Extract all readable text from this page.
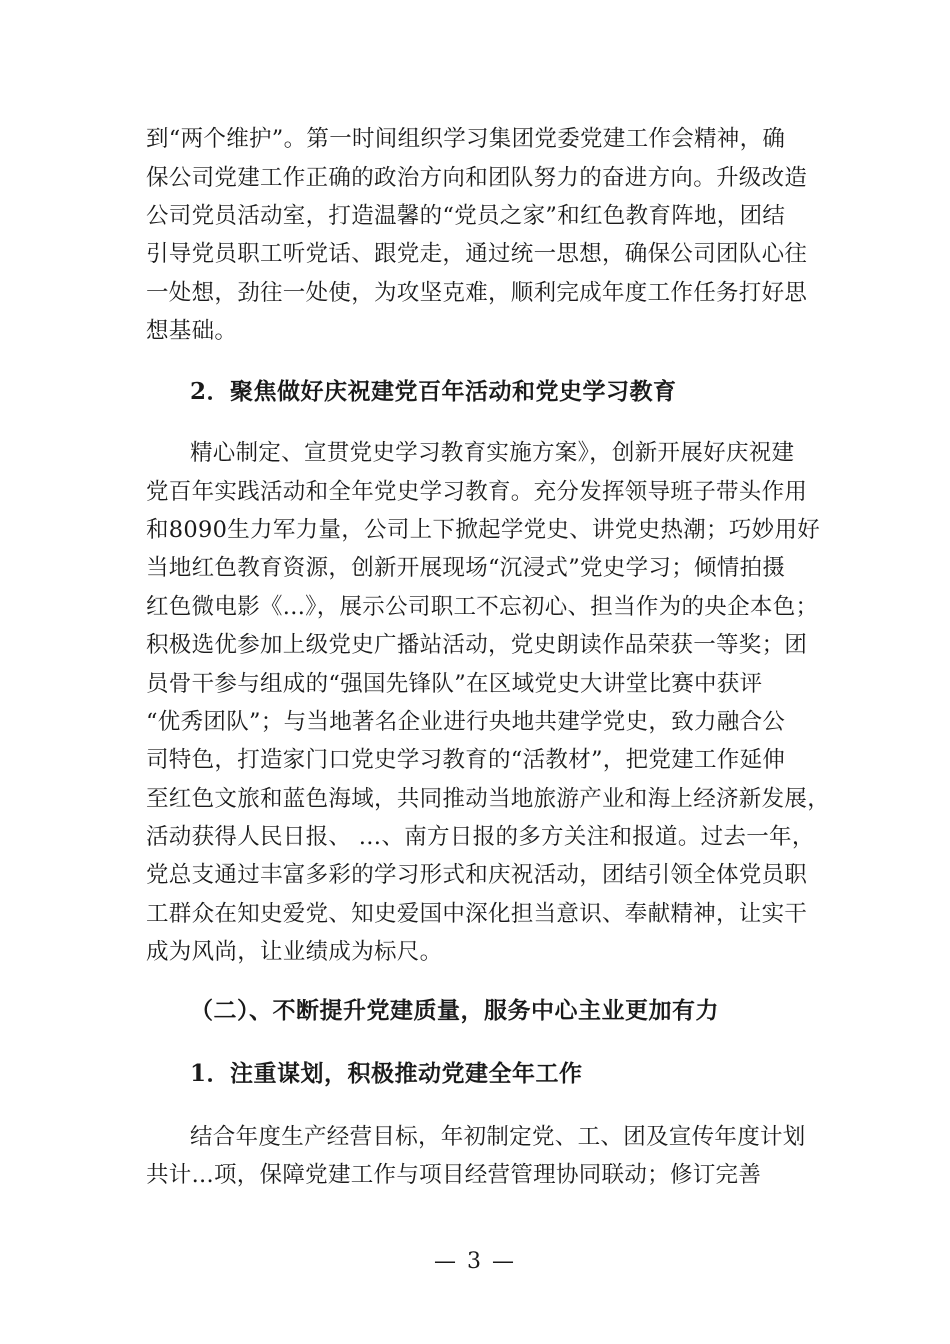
到“两个维护”。第一时间组织学习集团党委党建工作会精神，确
保公司党建工作正确的政治方向和团队努力的奋进方向。升级改造
公司党员活动室，打造温馨的“党员之家”和红色教育阵地，团结
引导党员职工听党话、跟党走，通过统一思想，确保公司团队心往
一处想，劲往一处使，为攻坚克难，顺利完成年度工作任务打好思
想基础。
2．聚焦做好庆祝建党百年活动和党史学习教育
精心制定、宣贯党史学习教育实施方案》，创新开展好庆祝建
党百年实践活动和全年党史学习教育。充分发挥领导班子带头作用
和8090生力军力量，公司上下掀起学党史、讲党史热潮；巧妙用好
当地红色教育资源，创新开展现场“沉浸式”党史学习；倾情拍摄
红色微电影《...》，展示公司职工不忘初心、担当作为的央企本色；
积极选优参加上级党史广播站活动，党史朗读作品荣获一等奖；团
员骨干参与组成的“强国先锋队”在区域党史大讲堂比赛中获评
“优秀团队”；与当地著名企业进行央地共建学党史，致力融合公
司特色，打造家门口党史学习教育的“活教材”，把党建工作延伸
至红色文旅和蓝色海域，共同推动当地旅游产业和海上经济新发展，
活动获得人民日报、 …、南方日报的多方关注和报道。过去一年，
党总支通过丰富多彩的学习形式和庆祝活动，团结引领全体党员职
工群众在知史爱党、知史爱国中深化担当意识、奉献精神，让实干
成为风尚，让业绩成为标尺。
（二）、不断提升党建质量，服务中心主业更加有力
1．注重谋划，积极推动党建全年工作
结合年度生产经营目标，年初制定党、工、团及宣传年度计划
共计...项，保障党建工作与项目经营管理协同联动；修订完善
— 3 —
